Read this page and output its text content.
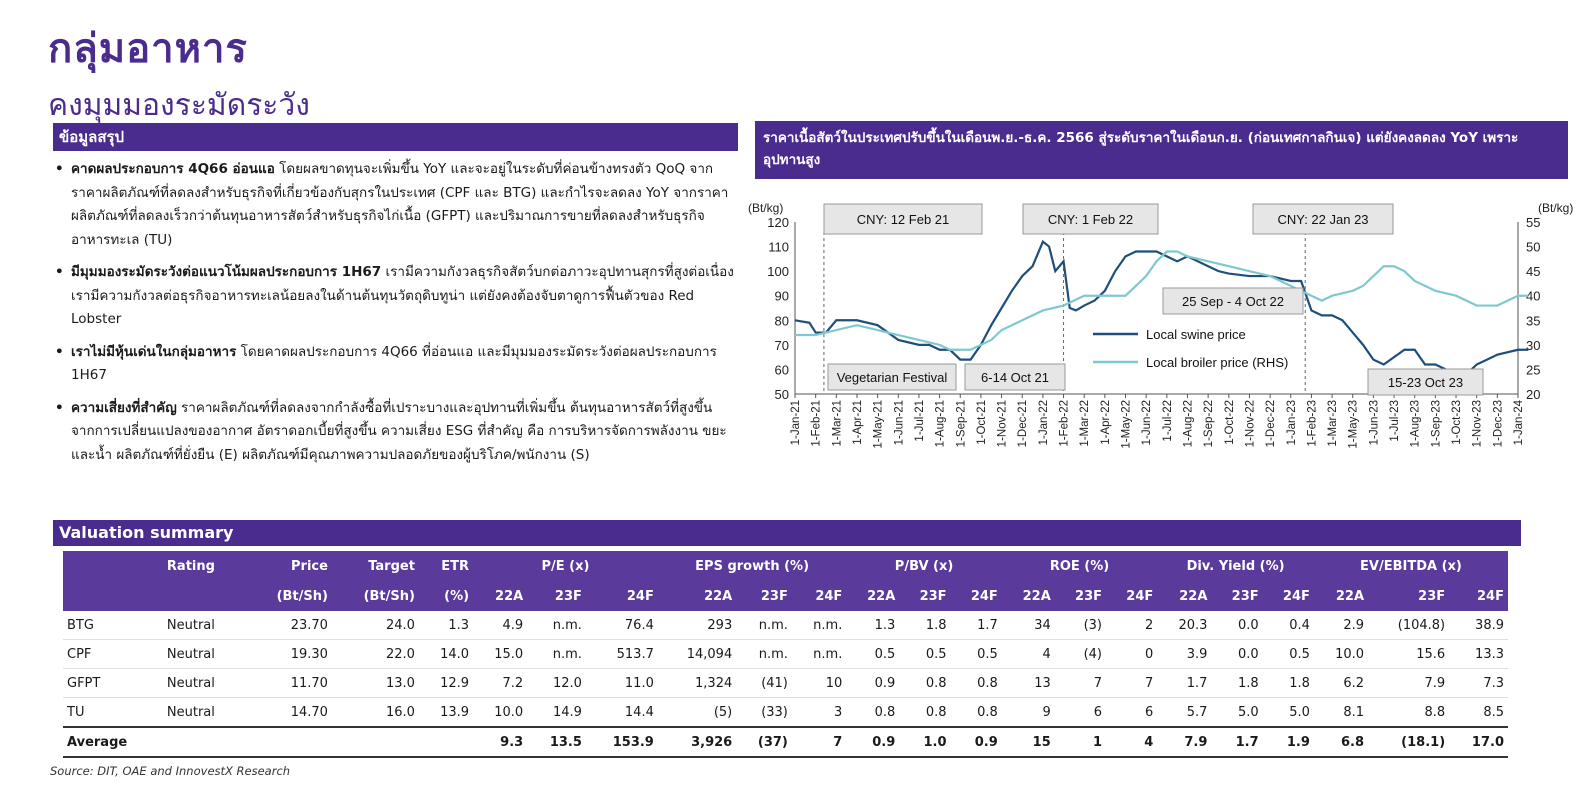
กลุ่มอาหาร
คงมุมมองระมัดระวัง
ข้อมูลสรุป
• คาดผลประกอบการ 4Q66 อ่อนแอ โดยผลขาดทุนจะเพิ่มขึ้น YoY และจะอยู่ในระดับที่ค่อนข้างทรงตัว QoQ จากราคาผลิตภัณฑ์ที่ลดลงสำหรับธุรกิจที่เกี่ยวข้องกับสุกรในประเทศ (CPF และ BTG) และกำไรจะลดลง YoY จากราคาผลิตภัณฑ์ที่ลดลงเร็วกว่าต้นทุนอาหารสัตว์สำหรับธุรกิจไก่เนื้อ (GFPT) และปริมาณการขายที่ลดลงสำหรับธุรกิจอาหารทะเล (TU)
• มีมุมมองระมัดระวังต่อแนวโน้มผลประกอบการ 1H67 เรามีความกังวลธุรกิจสัตว์บกต่อภาวะอุปทานสุกรที่สูงต่อเนื่อง เรามีความกังวลต่อธุรกิจอาหารทะเลน้อยลงในด้านต้นทุนวัตถุดิบทูน่า แต่ยังคงต้องจับตาดูการฟื้นตัวของ Red Lobster
• เราไม่มีหุ้นเด่นในกลุ่มอาหาร โดยคาดผลประกอบการ 4Q66 ที่อ่อนแอ และมีมุมมองระมัดระวังต่อผลประกอบการ 1H67
• ความเสี่ยงที่สำคัญ ราคาผลิตภัณฑ์ที่ลดลงจากกำลังซื้อที่เปราะบางและอุปทานที่เพิ่มขึ้น ต้นทุนอาหารสัตว์ที่สูงขึ้นจากการเปลี่ยนแปลงของอากาศ อัตราดอกเบี้ยที่สูงขึ้น ความเสี่ยง ESG ที่สำคัญ คือ การบริหารจัดการพลังงาน ขยะและน้ำ ผลิตภัณฑ์ที่ยั่งยืน (E) ผลิตภัณฑ์มีคุณภาพความปลอดภัยของผู้บริโภค/พนักงาน (S)
ราคาเนื้อสัตว์ในประเทศปรับขึ้นในเดือนพ.ย.-ธ.ค. 2566 สู่ระดับราคาในเดือนก.ย. (ก่อนเทศกาลกินเจ) แต่ยังคงลดลง YoY เพราะอุปทานสูง
50
60
70
80
90
100
110
120
20
25
30
35
40
45
50
55
(Bt/kg)	(Bt/kg)
1-Jan-21 1-Feb-21 1-Mar-21 1-Apr-21 1-May-21 1-Jun-21 1-Jul-21 1-Aug-21 1-Sep-21 1-Oct-21 1-Nov-21 1-Dec-21 1-Jan-22 1-Feb-22 1-Mar-22 1-Apr-22 1-May-22 1-Jun-22 1-Jul-22 1-Aug-22 1-Sep-22 1-Oct-22 1-Nov-22 1-Dec-22 1-Jan-23 1-Feb-23 1-Mar-23 1-May-23 1-Jun-23 1-Jul-23 1-Aug-23 1-Sep-23 1-Oct-23 1-Nov-23 1-Dec-23 1-Jan-24
CNY: 12 Feb 21	CNY: 1 Feb 22	CNY: 22 Jan 23
Vegetarian Festival	6-14 Oct 21
25 Sep - 4 Oct 22
15-23 Oct 23
Local swine price
Local broiler price (RHS)
Valuation summary
	Rating	Price	Target	ETR	P/E (x)			EPS growth (%)			P/BV (x)			ROE (%)			Div. Yield (%)			EV/EBITDA (x)		
		(Bt/Sh)	(Bt/Sh)	(%)	22A	23F	24F	22A	23F	24F	22A	23F	24F	22A	23F	24F	22A	23F	24F	22A	23F	24F
BTG	Neutral	23.70	24.0	1.3	4.9	n.m.	76.4	293	n.m.	n.m.	1.3	1.8	1.7	34	(3)	2	20.3	0.0	0.4	2.9	(104.8)	38.9
CPF	Neutral	19.30	22.0	14.0	15.0	n.m.	513.7	14,094	n.m.	n.m.	0.5	0.5	0.5	4	(4)	0	3.9	0.0	0.5	10.0	15.6	13.3
GFPT	Neutral	11.70	13.0	12.9	7.2	12.0	11.0	1,324	(41)	10	0.9	0.8	0.8	13	7	7	1.7	1.8	1.8	6.2	7.9	7.3
TU	Neutral	14.70	16.0	13.9	10.0	14.9	14.4	(5)	(33)	3	0.8	0.8	0.8	9	6	6	5.7	5.0	5.0	8.1	8.8	8.5
Average					9.3	13.5	153.9	3,926	(37)	7	0.9	1.0	0.9	15	1	4	7.9	1.7	1.9	6.8	(18.1)	17.0
Source: DIT, OAE and InnovestX Research
